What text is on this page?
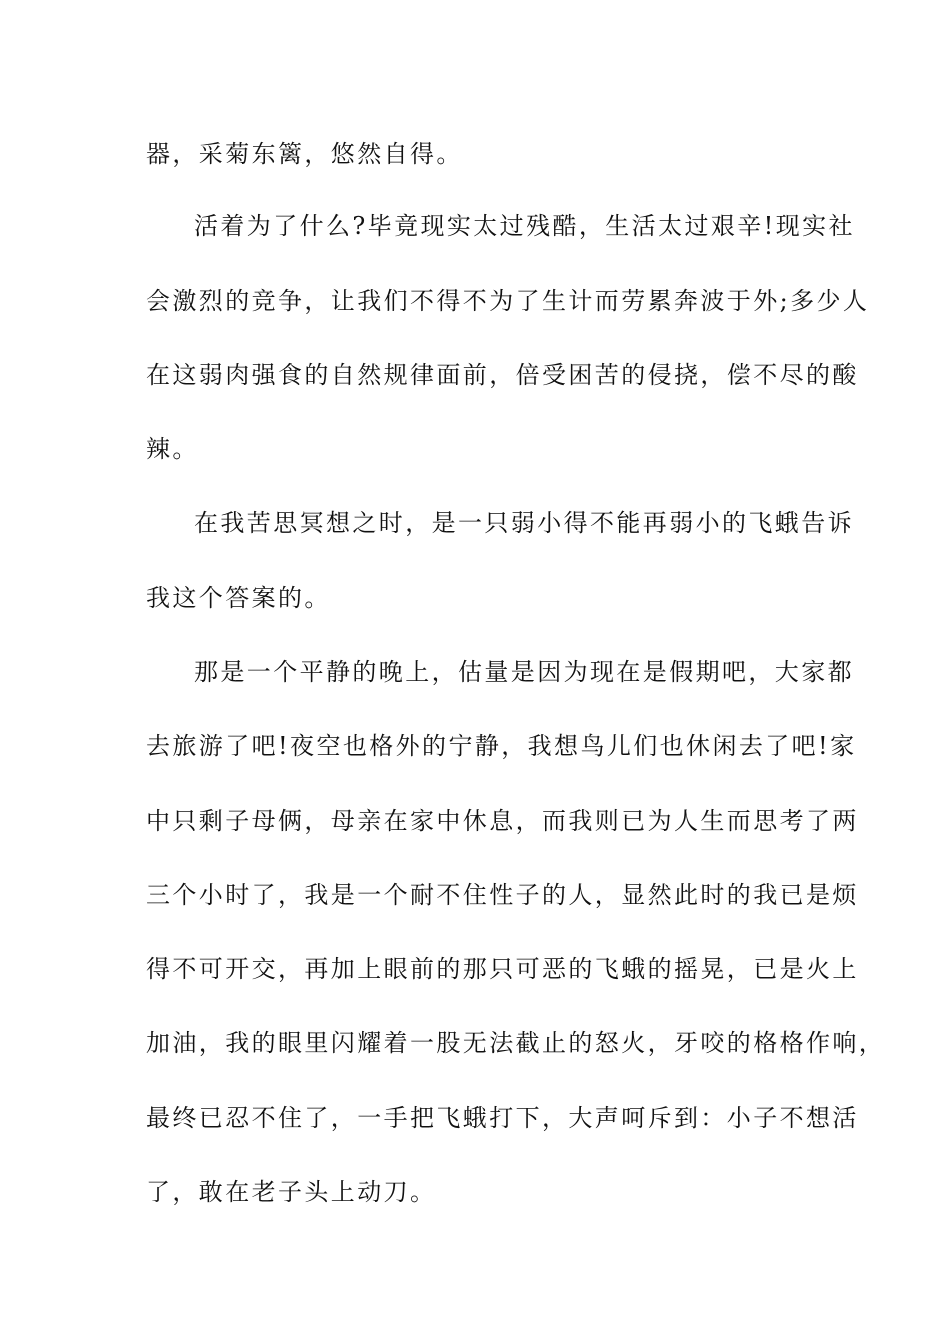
器，采菊东篱，悠然自得。
活着为了什么?毕竟现实太过残酷，生活太过艰辛!现实社
会激烈的竞争，让我们不得不为了生计而劳累奔波于外;多少人
在这弱肉强食的自然规律面前，倍受困苦的侵挠，偿不尽的酸
辣。
在我苦思冥想之时，是一只弱小得不能再弱小的飞蛾告诉
我这个答案的。
那是一个平静的晚上，估量是因为现在是假期吧，大家都
去旅游了吧!夜空也格外的宁静，我想鸟儿们也休闲去了吧!家
中只剩子母俩，母亲在家中休息，而我则已为人生而思考了两
三个小时了，我是一个耐不住性子的人，显然此时的我已是烦
得不可开交，再加上眼前的那只可恶的飞蛾的摇晃，已是火上
加油，我的眼里闪耀着一股无法截止的怒火，牙咬的格格作响，
最终已忍不住了，一手把飞蛾打下，大声呵斥到：小子不想活
了，敢在老子头上动刀。
